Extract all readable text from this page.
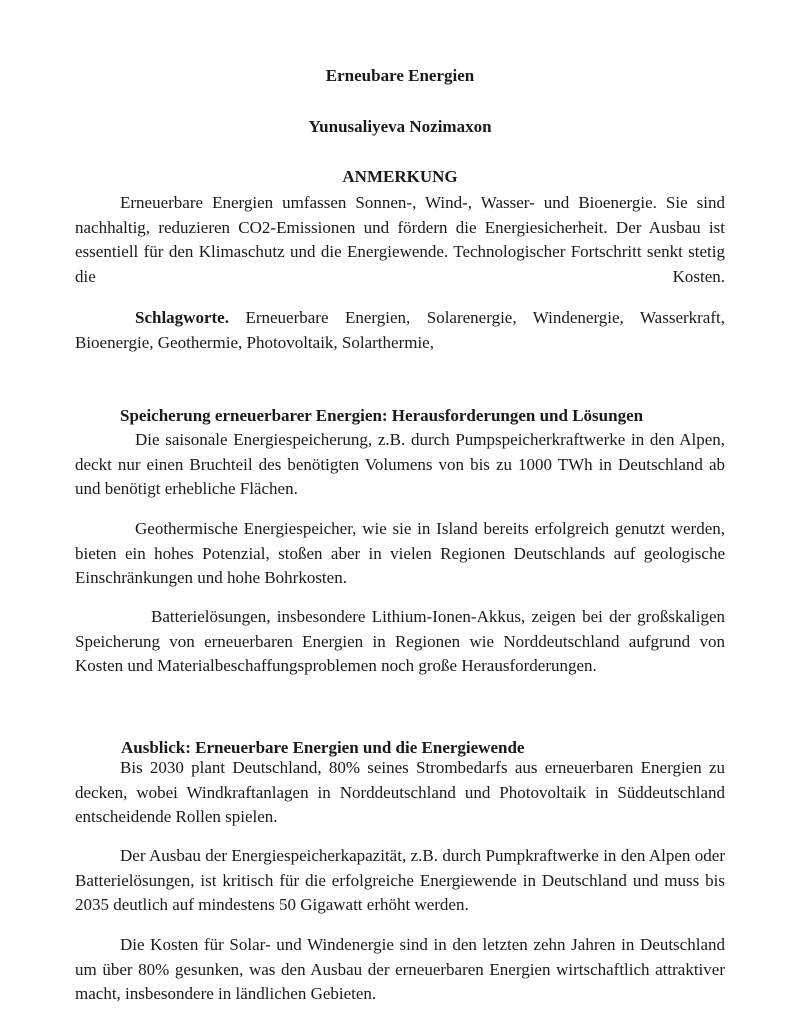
Erneubare Energien

Yunusaliyeva Nozimaxon

ANMERKUNG

Erneuerbare Energien umfassen Sonnen-, Wind-, Wasser- und Bioenergie. Sie sind nachhaltig, reduzieren CO2-Emissionen und fördern die Energiesicherheit. Der Ausbau ist essentiell für den Klimaschutz und die Energiewende. Technologischer Fortschritt senkt stetig die Kosten.

Schlagworte. Erneuerbare Energien, Solarenergie, Windenergie, Wasserkraft, Bioenergie, Geothermie, Photovoltaik, Solarthermie,

Speicherung erneuerbarer Energien: Herausforderungen und Lösungen

Die saisonale Energiespeicherung, z.B. durch Pumpspeicherkraftwerke in den Alpen, deckt nur einen Bruchteil des benötigten Volumens von bis zu 1000 TWh in Deutschland ab und benötigt erhebliche Flächen.

Geothermische Energiespeicher, wie sie in Island bereits erfolgreich genutzt werden, bieten ein hohes Potenzial, stoßen aber in vielen Regionen Deutschlands auf geologische Einschränkungen und hohe Bohrkosten.

Batterielösungen, insbesondere Lithium-Ionen-Akkus, zeigen bei der großskaligen Speicherung von erneuerbaren Energien in Regionen wie Norddeutschland aufgrund von Kosten und Materialbeschaffungsproblemen noch große Herausforderungen.

Ausblick: Erneuerbare Energien und die Energiewende

Bis 2030 plant Deutschland, 80% seines Strombedarfs aus erneuerbaren Energien zu decken, wobei Windkraftanlagen in Norddeutschland und Photovoltaik in Süddeutschland entscheidende Rollen spielen.

Der Ausbau der Energiespeicherkapazität, z.B. durch Pumpkraftwerke in den Alpen oder Batterielösungen, ist kritisch für die erfolgreiche Energiewende in Deutschland und muss bis 2035 deutlich auf mindestens 50 Gigawatt erhöht werden.

Die Kosten für Solar- und Windenergie sind in den letzten zehn Jahren in Deutschland um über 80% gesunken, was den Ausbau der erneuerbaren Energien wirtschaftlich attraktiver macht, insbesondere in ländlichen Gebieten.
